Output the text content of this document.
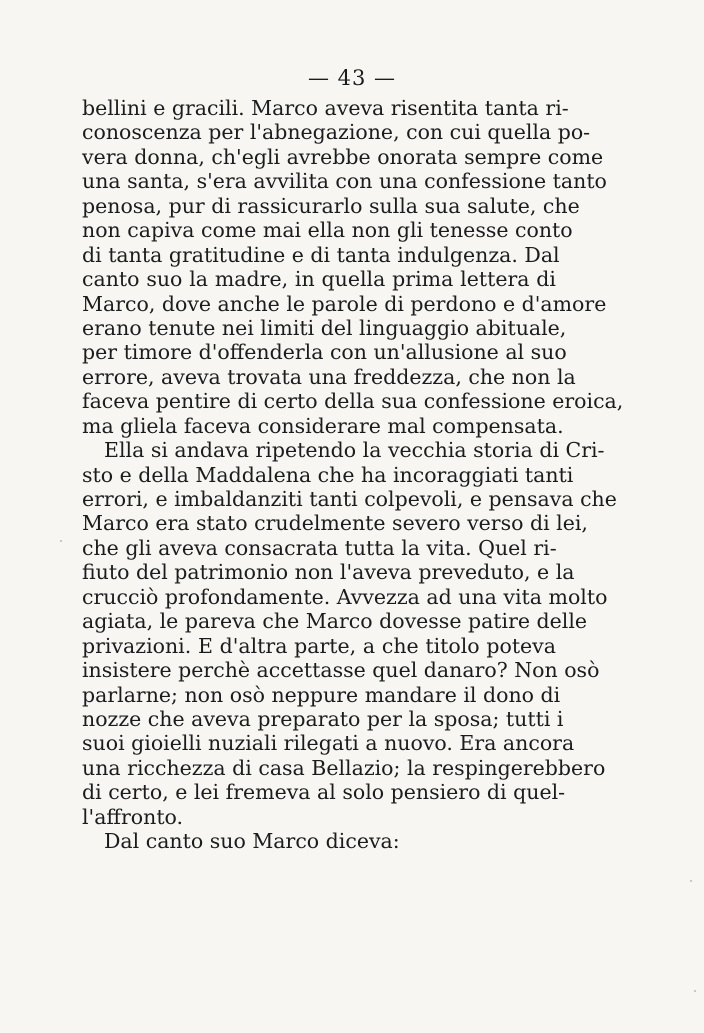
— 43 —
bellini e gracili. Marco aveva risentita tanta ri-
conoscenza per l'abnegazione, con cui quella po-
vera donna, ch'egli avrebbe onorata sempre come
una santa, s'era avvilita con una confessione tanto
penosa, pur di rassicurarlo sulla sua salute, che
non capiva come mai ella non gli tenesse conto
di tanta gratitudine e di tanta indulgenza. Dal
canto suo la madre, in quella prima lettera di
Marco, dove anche le parole di perdono e d'amore
erano tenute nei limiti del linguaggio abituale,
per timore d'offenderla con un'allusione al suo
errore, aveva trovata una freddezza, che non la
faceva pentire di certo della sua confessione eroica,
ma gliela faceva considerare mal compensata.
Ella si andava ripetendo la vecchia storia di Cri-
sto e della Maddalena che ha incoraggiati tanti
errori, e imbaldanziti tanti colpevoli, e pensava che
Marco era stato crudelmente severo verso di lei,
che gli aveva consacrata tutta la vita. Quel ri-
fiuto del patrimonio non l'aveva preveduto, e la
crucciò profondamente. Avvezza ad una vita molto
agiata, le pareva che Marco dovesse patire delle
privazioni. E d'altra parte, a che titolo poteva
insistere perchè accettasse quel danaro? Non osò
parlarne; non osò neppure mandare il dono di
nozze che aveva preparato per la sposa; tutti i
suoi gioielli nuziali rilegati a nuovo. Era ancora
una ricchezza di casa Bellazio; la respingerebbero
di certo, e lei fremeva al solo pensiero di quel-
l'affronto.
Dal canto suo Marco diceva:
